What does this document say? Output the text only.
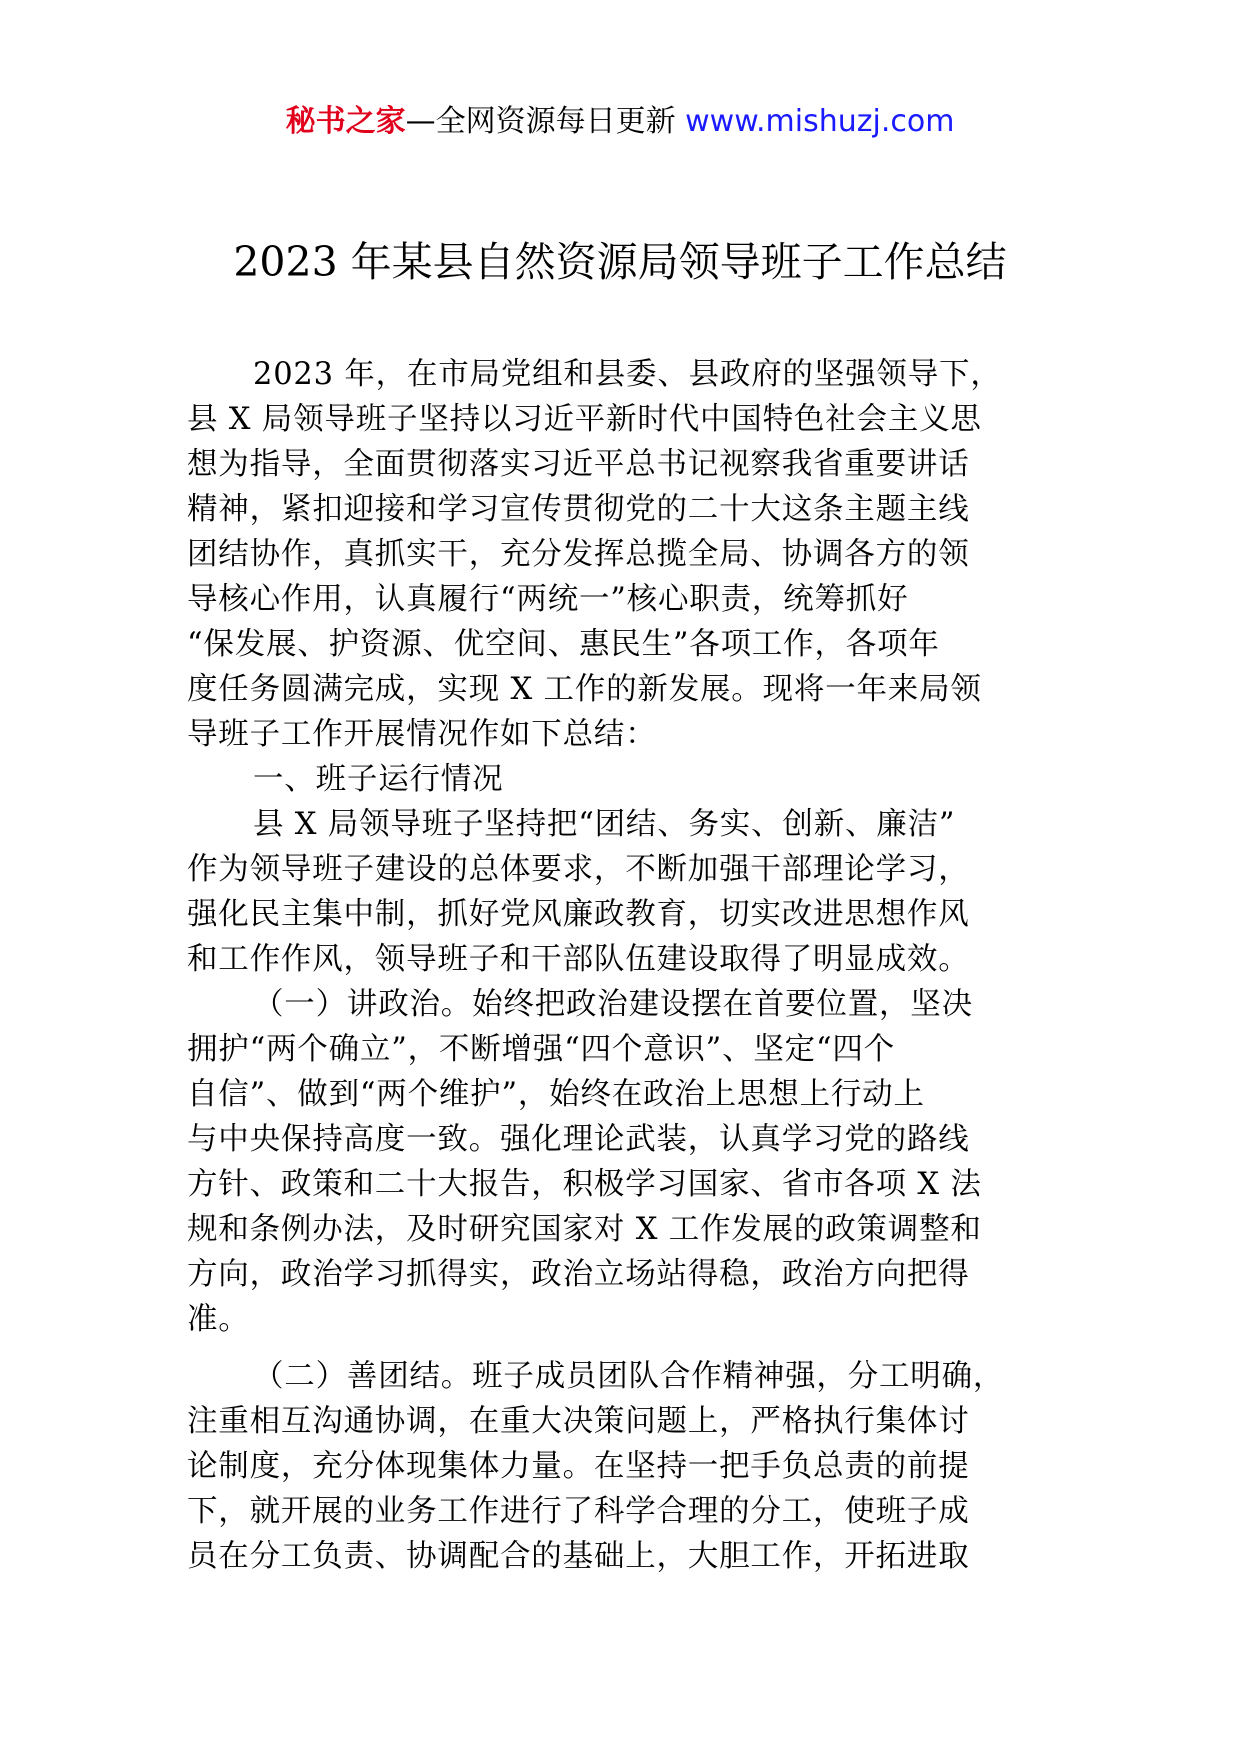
秘书之家—全网资源每日更新 www.mishuzj.com
2023 年某县自然资源局领导班子工作总结
2023 年，在市局党组和县委、县政府的坚强领导下，
县 X 局领导班子坚持以习近平新时代中国特色社会主义思
想为指导，全面贯彻落实习近平总书记视察我省重要讲话
精神，紧扣迎接和学习宣传贯彻党的二十大这条主题主线
团结协作，真抓实干，充分发挥总揽全局、协调各方的领
导核心作用，认真履行“两统一”核心职责，统筹抓好
“保发展、护资源、优空间、惠民生”各项工作，各项年
度任务圆满完成，实现 X 工作的新发展。现将一年来局领
导班子工作开展情况作如下总结：
一、班子运行情况
县 X 局领导班子坚持把“团结、务实、创新、廉洁”
作为领导班子建设的总体要求，不断加强干部理论学习，
强化民主集中制，抓好党风廉政教育，切实改进思想作风
和工作作风，领导班子和干部队伍建设取得了明显成效。
（一）讲政治。始终把政治建设摆在首要位置，坚决
拥护“两个确立”，不断增强“四个意识”、坚定“四个
自信”、做到“两个维护”，始终在政治上思想上行动上
与中央保持高度一致。强化理论武装，认真学习党的路线
方针、政策和二十大报告，积极学习国家、省市各项 X 法
规和条例办法，及时研究国家对 X 工作发展的政策调整和
方向，政治学习抓得实，政治立场站得稳，政治方向把得
准。
（二）善团结。班子成员团队合作精神强，分工明确，
注重相互沟通协调，在重大决策问题上，严格执行集体讨
论制度，充分体现集体力量。在坚持一把手负总责的前提
下，就开展的业务工作进行了科学合理的分工，使班子成
员在分工负责、协调配合的基础上，大胆工作，开拓进取
